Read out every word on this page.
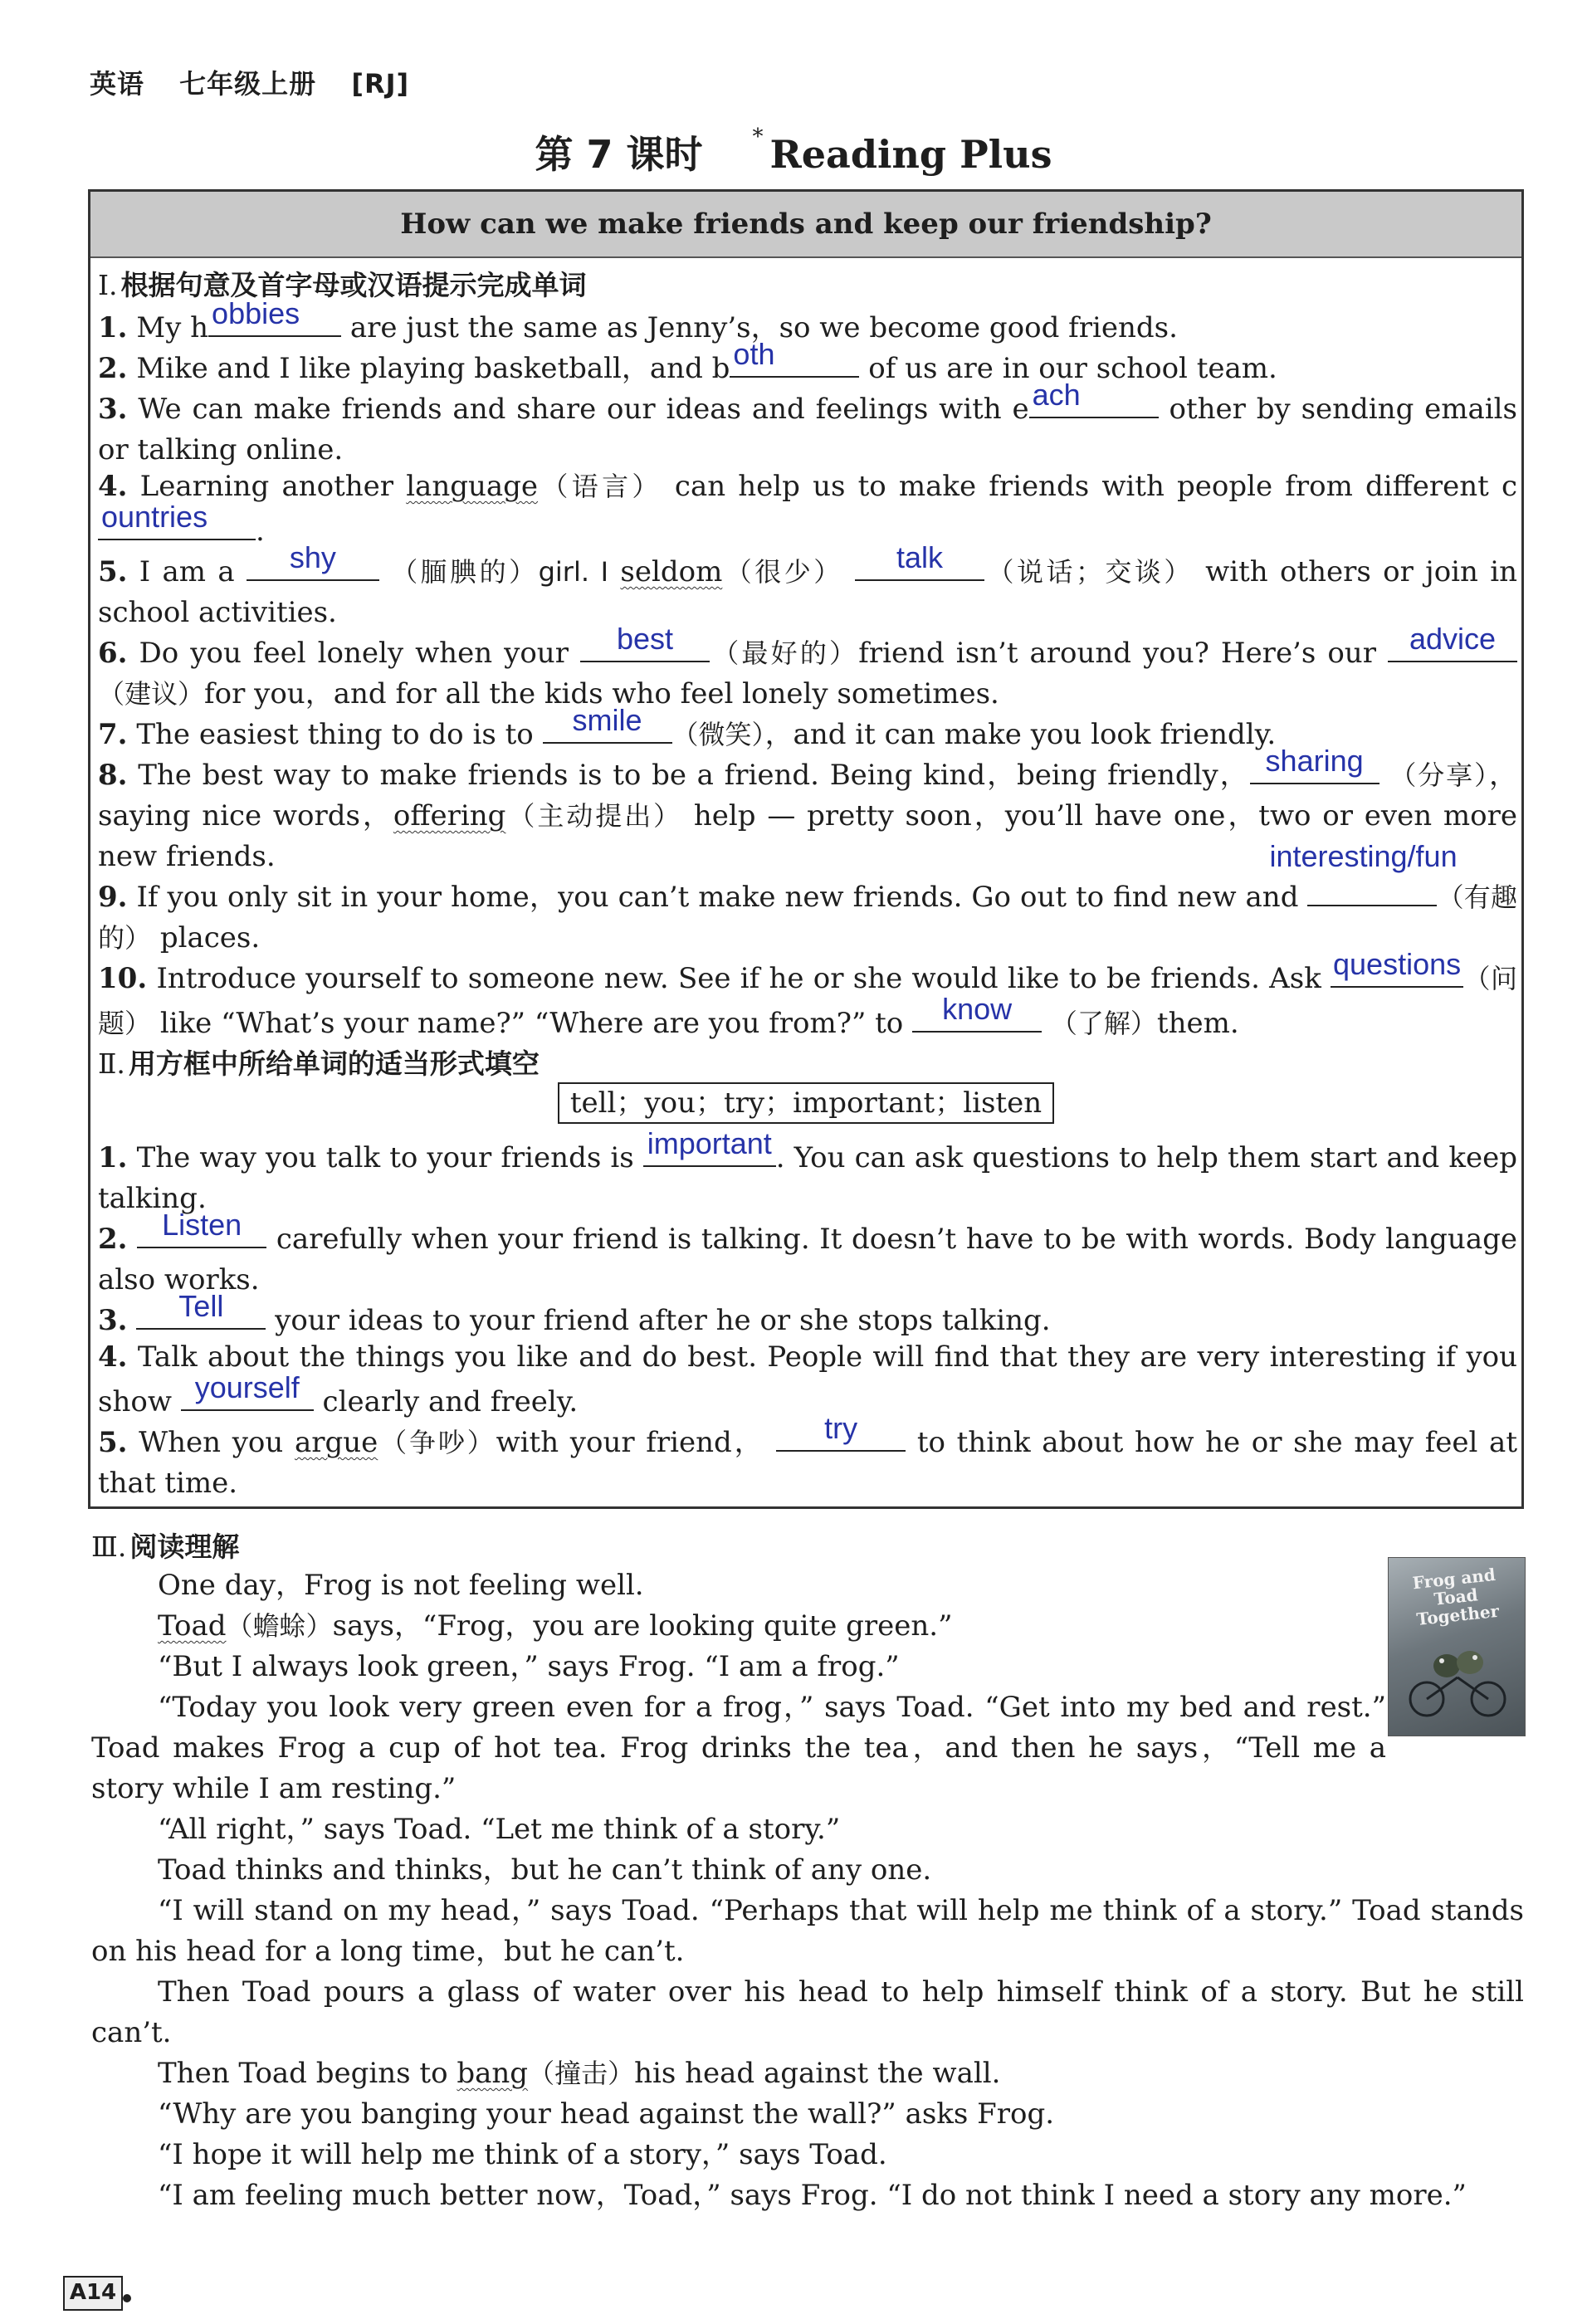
英语 七年级上册 [RJ]
第 7 课时 * Reading Plus
How can we make friends and keep our friendship?
Ⅰ. 根据句意及首字母或汉语提示完成单词
1. My h obbies	are just the same as Jenny’s，so we become good friends.
2. Mike and I like playing basketball，and b oth	of us are in our school team.
3. We can make friends and share our ideas and feelings with e ach	other by sending emails or talking online.
4. Learning another language（语言） can help us to make friends with people from different c
ountries	.
5. I am a	shy	（腼腆的）girl. I seldom（很少）	talk	（说话；交谈） with others or join in school activities.
6. Do you feel lonely when your	best	（最好的）friend isn’t around you? Here’s our	advice
（建议）for you，and for all the kids who feel lonely sometimes.
7. The easiest thing to do is to	smile	（微笑），and it can make you look friendly.
8. The best way to make friends is to be a friend. Being kind，being friendly， sharing （分享），saying nice words，offering（主动提出） help — pretty soon，you’ll have one，two or even more new friends.
9. If you only sit in your home，you can’t make new friends. Go out to find new and
interesting/fun
（有趣的） places.
10. Introduce yourself to someone new. See if he or she would like to be friends. Ask questions （问题） like “What’s your name?” “Where are you from?” to	know	（了解）them.
Ⅱ. 用方框中所给单词的适当形式填空
tell；you；try；important；listen
1. The way you talk to your friends is important . You can ask questions to help them start and keep talking.
2.	Listen	carefully when your friend is talking. It doesn’t have to be with words. Body language also works.
3.	Tell	your ideas to your friend after he or she stops talking.
4. Talk about the things you like and do best. People will find that they are very interesting if you show yourself clearly and freely.
5. When you argue（争吵）with your friend，	try	to think about how he or she may feel at that time.
Ⅲ. 阅读理解
Frog and Toad Together
One day，Frog is not feeling well.
Toad（蟾蜍）says，“Frog，you are looking quite green.”
“But I always look green，” says Frog. “I am a frog.”
“Today you look very green even for a frog，” says Toad. “Get into my bed and rest.” Toad makes Frog a cup of hot tea. Frog drinks the tea，and then he says，“Tell me a story while I am resting.”
“All right，” says Toad. “Let me think of a story.”
Toad thinks and thinks，but he can’t think of any one.
“I will stand on my head，” says Toad. “Perhaps that will help me think of a story.” Toad stands on his head for a long time，but he can’t.
Then Toad pours a glass of water over his head to help himself think of a story. But he still can’t.
Then Toad begins to bang（撞击）his head against the wall.
“Why are you banging your head against the wall?” asks Frog.
“I hope it will help me think of a story，” says Toad.
“I am feeling much better now，Toad，” says Frog. “I do not think I need a story any more.”
A14
